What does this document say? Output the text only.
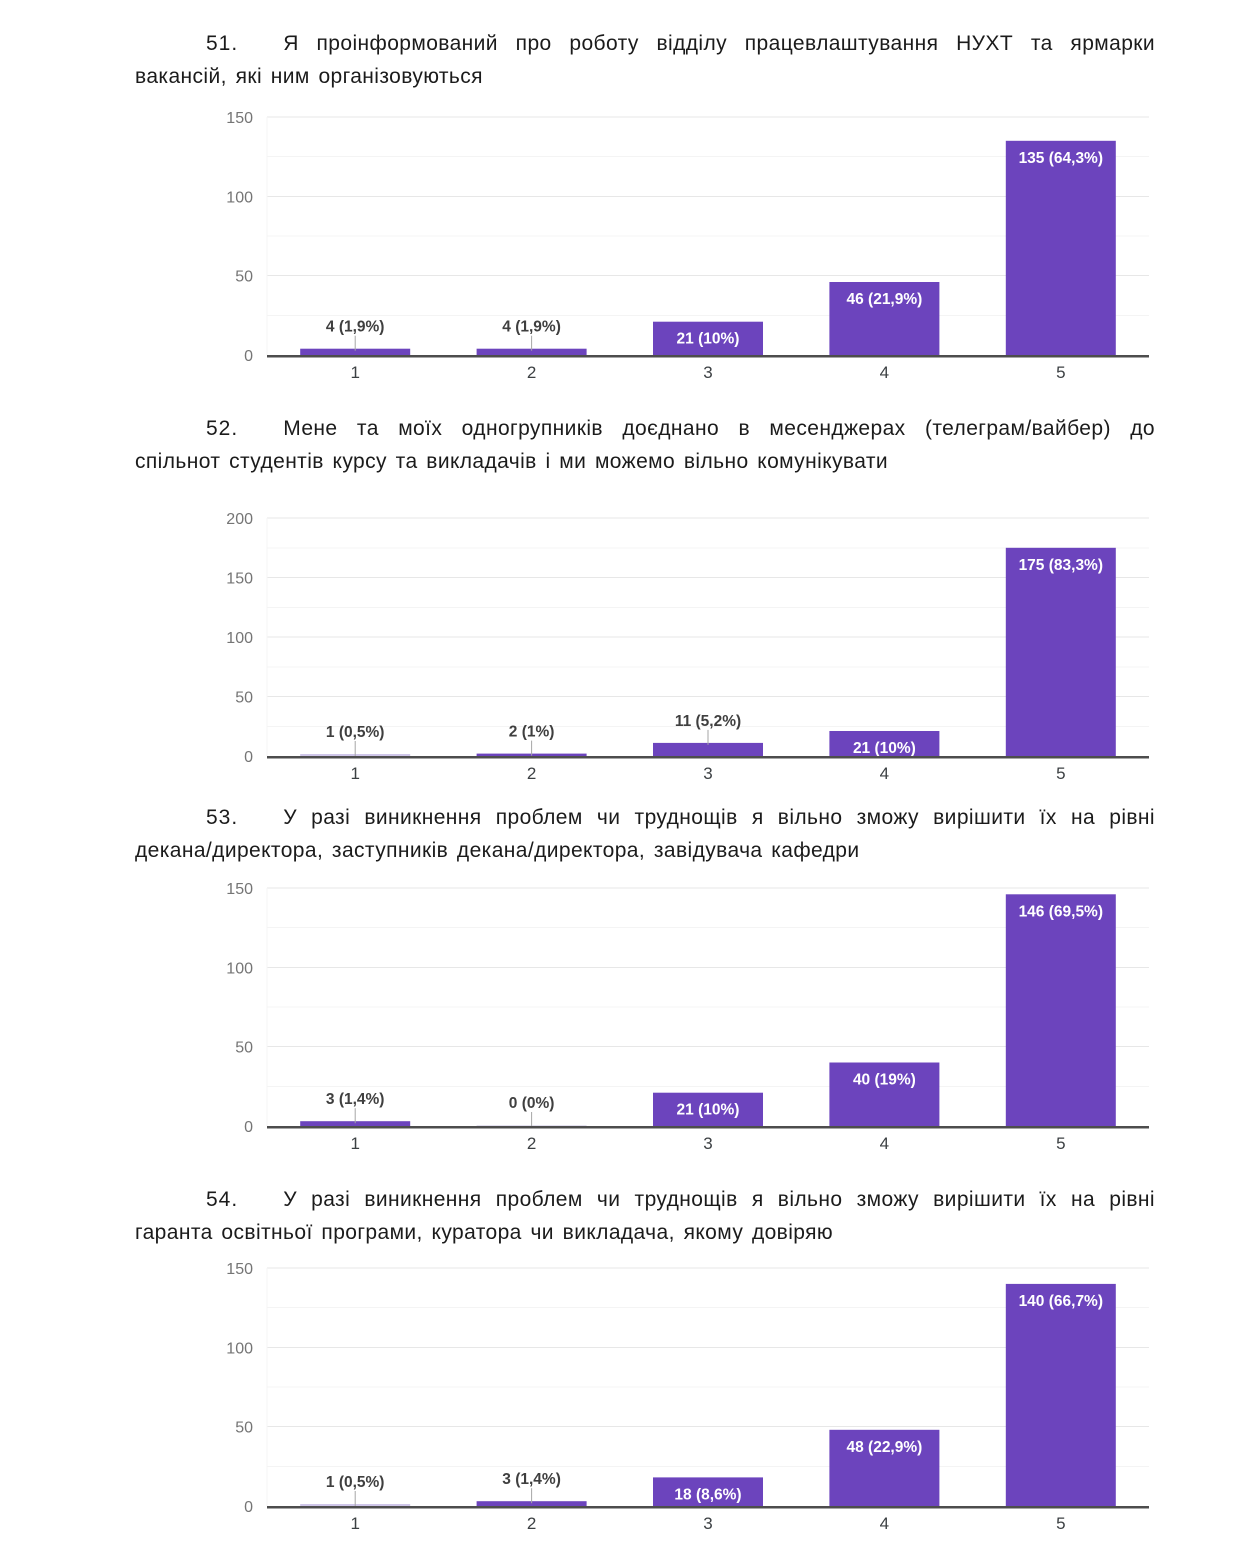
51. Я проінформований про роботу відділу працевлаштування НУХТ та ярмарки вакансій, які ним організовуються

0
50
100
150
4 (1,9%)	4 (1,9%)
21 (10%)
46 (21,9%)
135 (64,3%)
1	2	3	4	5

52. Мене та моїх одногрупників доєднано в месенджерах (телеграм/вайбер) до спільнот студентів курсу та викладачів і ми можемо вільно комунікувати

0
50
100
150
200
1 (0,5%)	2 (1%)
11 (5,2%)
21 (10%)
175 (83,3%)
1	2	3	4	5

53. У разі виникнення проблем чи труднощів я вільно зможу вирішити їх на рівні декана/директора, заступників декана/директора, завідувача кафедри

0
50
100
150
3 (1,4%)	0 (0%)	21 (10%)
40 (19%)
146 (69,5%)
1	2	3	4	5

54. У разі виникнення проблем чи труднощів я вільно зможу вирішити їх на рівні гаранта освітньої програми, куратора чи викладача, якому довіряю

0
50
100
150
1 (0,5%)	3 (1,4%)
18 (8,6%)
48 (22,9%)
140 (66,7%)
1	2	3	4	5
